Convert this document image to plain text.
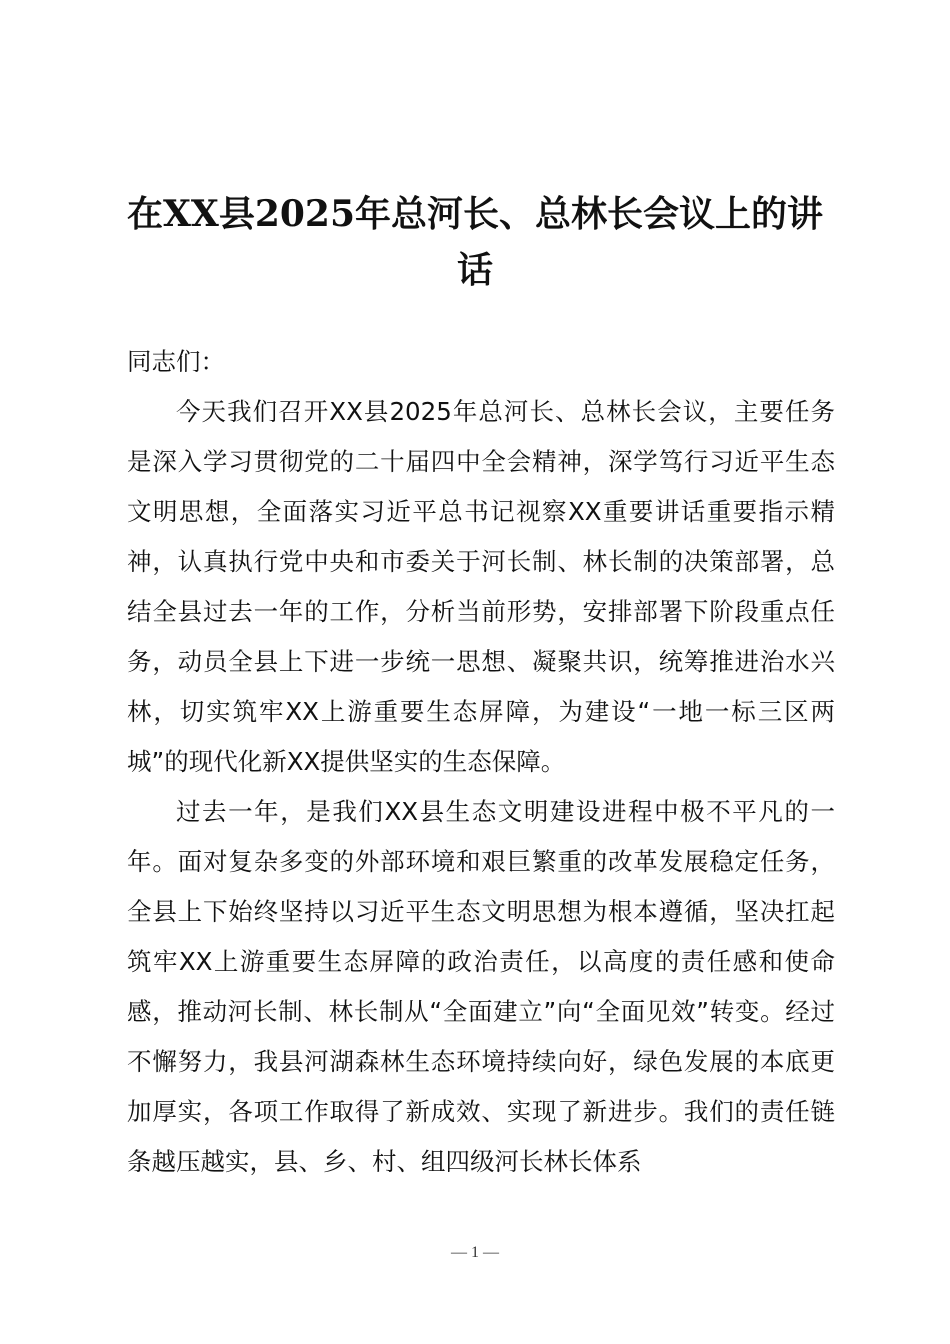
在XX县2025年总河长、总林长会议上的讲话

同志们：

今天我们召开XX县2025年总河长、总林长会议，主要任务是深入学习贯彻党的二十届四中全会精神，深学笃行习近平生态文明思想，全面落实习近平总书记视察XX重要讲话重要指示精神，认真执行党中央和市委关于河长制、林长制的决策部署，总结全县过去一年的工作，分析当前形势，安排部署下阶段重点任务，动员全县上下进一步统一思想、凝聚共识，统筹推进治水兴林，切实筑牢XX上游重要生态屏障，为建设“一地一标三区两城”的现代化新XX提供坚实的生态保障。

过去一年，是我们XX县生态文明建设进程中极不平凡的一年。面对复杂多变的外部环境和艰巨繁重的改革发展稳定任务，全县上下始终坚持以习近平生态文明思想为根本遵循，坚决扛起筑牢XX上游重要生态屏障的政治责任，以高度的责任感和使命感，推动河长制、林长制从“全面建立”向“全面见效”转变。经过不懈努力，我县河湖森林生态环境持续向好，绿色发展的本底更加厚实，各项工作取得了新成效、实现了新进步。我们的责任链条越压越实，县、乡、村、组四级河长林长体系

— 1 —
